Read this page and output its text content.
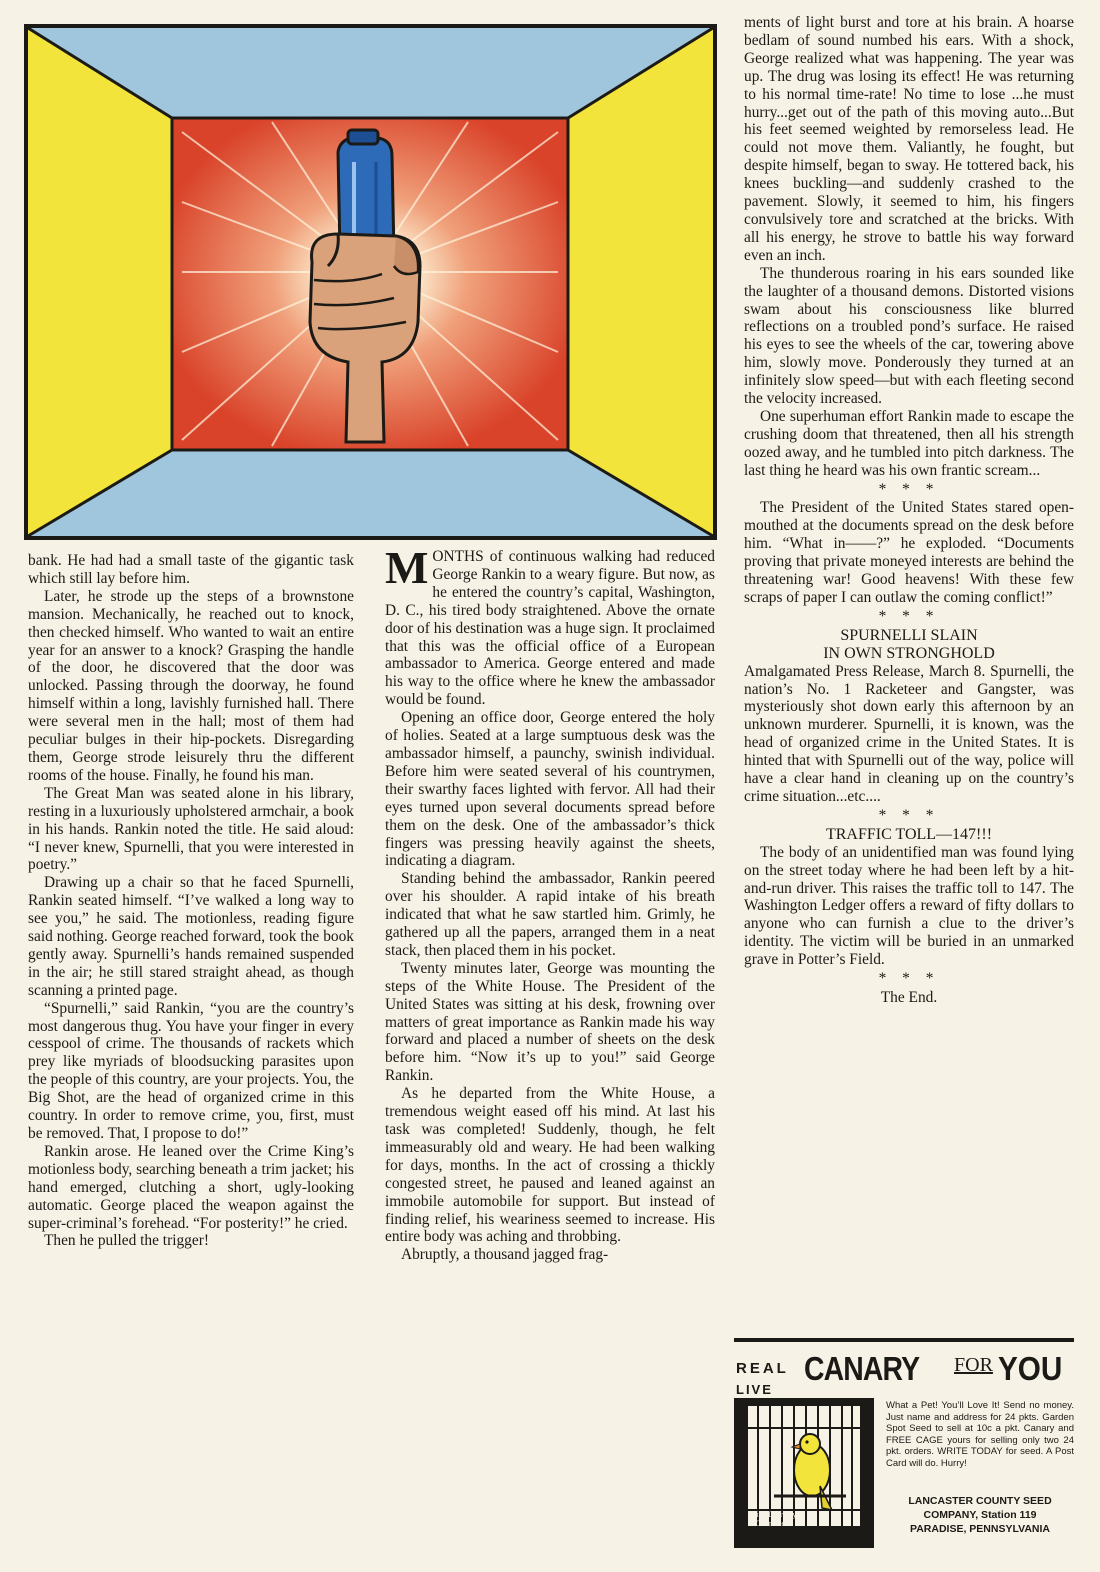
bank. He had had a small taste of the gigantic task which still lay before him.

Later, he strode up the steps of a brownstone mansion. Mechanically, he reached out to knock, then checked himself. Who wanted to wait an entire year for an answer to a knock? Grasping the handle of the door, he discovered that the door was unlocked. Passing through the doorway, he found himself within a long, lavishly furnished hall. There were several men in the hall; most of them had peculiar bulges in their hip-pockets. Disregarding them, George strode leisurely thru the different rooms of the house. Finally, he found his man.

The Great Man was seated alone in his library, resting in a luxuriously upholstered armchair, a book in his hands. Rankin noted the title. He said aloud: “I never knew, Spurnelli, that you were interested in poetry.”

Drawing up a chair so that he faced Spurnelli, Rankin seated himself. “I’ve walked a long way to see you,” he said. The motionless, reading figure said nothing. George reached forward, took the book gently away. Spurnelli’s hands remained suspended in the air; he still stared straight ahead, as though scanning a printed page.

“Spurnelli,” said Rankin, “you are the country’s most dangerous thug. You have your finger in every cesspool of crime. The thousands of rackets which prey like myriads of bloodsucking parasites upon the people of this country, are your projects. You, the Big Shot, are the head of organized crime in this country. In order to remove crime, you, first, must be removed. That, I propose to do!”

Rankin arose. He leaned over the Crime King’s motionless body, searching beneath a trim jacket; his hand emerged, clutching a short, ugly-looking automatic. George placed the weapon against the super-criminal’s forehead. “For posterity!” he cried.

Then he pulled the trigger!

MONTHS of continuous walking had reduced George Rankin to a weary figure. But now, as he entered the country’s capital, Washington, D. C., his tired body straightened. Above the ornate door of his destination was a huge sign. It proclaimed that this was the official office of a European ambassador to America. George entered and made his way to the office where he knew the ambassador would be found.

Opening an office door, George entered the holy of holies. Seated at a large sumptuous desk was the ambassador himself, a paunchy, swinish individual. Before him were seated several of his countrymen, their swarthy faces lighted with fervor. All had their eyes turned upon several documents spread before them on the desk. One of the ambassador’s thick fingers was pressing heavily against the sheets, indicating a diagram.

Standing behind the ambassador, Rankin peered over his shoulder. A rapid intake of his breath indicated that what he saw startled him. Grimly, he gathered up all the papers, arranged them in a neat stack, then placed them in his pocket.

Twenty minutes later, George was mounting the steps of the White House. The President of the United States was sitting at his desk, frowning over matters of great importance as Rankin made his way forward and placed a number of sheets on the desk before him. “Now it’s up to you!” said George Rankin.

As he departed from the White House, a tremendous weight eased off his mind. At last his task was completed! Suddenly, though, he felt immeasurably old and weary. He had been walking for days, months. In the act of crossing a thickly congested street, he paused and leaned against an immobile automobile for support. But instead of finding relief, his weariness seemed to increase. His entire body was aching and throbbing.

Abruptly, a thousand jagged frag-

ments of light burst and tore at his brain. A hoarse bedlam of sound numbed his ears. With a shock, George realized what was happening. The year was up. The drug was losing its effect! He was returning to his normal time-rate! No time to lose ...he must hurry...get out of the path of this moving auto...But his feet seemed weighted by remorseless lead. He could not move them. Valiantly, he fought, but despite himself, began to sway. He tottered back, his knees buckling—and suddenly crashed to the pavement. Slowly, it seemed to him, his fingers convulsively tore and scratched at the bricks. With all his energy, he strove to battle his way forward even an inch.

The thunderous roaring in his ears sounded like the laughter of a thousand demons. Distorted visions swam about his consciousness like blurred reflections on a troubled pond’s surface. He raised his eyes to see the wheels of the car, towering above him, slowly move. Ponderously they turned at an infinitely slow speed—but with each fleeting second the velocity increased.

One superhuman effort Rankin made to escape the crushing doom that threatened, then all his strength oozed away, and he tumbled into pitch darkness. The last thing he heard was his own frantic scream...

* * *

The President of the United States stared open-mouthed at the documents spread on the desk before him. “What in——?” he exploded. “Documents proving that private moneyed interests are behind the threatening war! Good heavens! With these few scraps of paper I can outlaw the coming conflict!”

* * *

SPURNELLI SLAIN

IN OWN STRONGHOLD

Amalgamated Press Release, March 8. Spurnelli, the nation’s No. 1 Racketeer and Gangster, was mysteriously shot down early this afternoon by an unknown murderer. Spurnelli, it is known, was the head of organized crime in the United States. It is hinted that with Spurnelli out of the way, police will have a clear hand in cleaning up on the country’s crime situation...etc....

* * *

TRAFFIC TOLL—147!!!

The body of an unidentified man was found lying on the street today where he had been left by a hit-and-run driver. This raises the traffic toll to 147. The Washington Ledger offers a reward of fifty dollars to anyone who can furnish a clue to the driver’s identity. The victim will be buried in an unmarked grave in Potter’s Field.

* * *

The End.

REAL
LIVE
CANARY FOR YOU
What a Pet! You’ll Love It! Send no money. Just name and address for 24 pkts. Garden Spot Seed to sell at 10c a pkt. Canary and FREE CAGE yours for selling only two 24 pkt. orders. WRITE TODAY for seed. A Post Card will do. Hurry!
LANCASTER COUNTY SEED
COMPANY, Station 119
PARADISE, PENNSYLVANIA
Live Delivery Guaranteed
